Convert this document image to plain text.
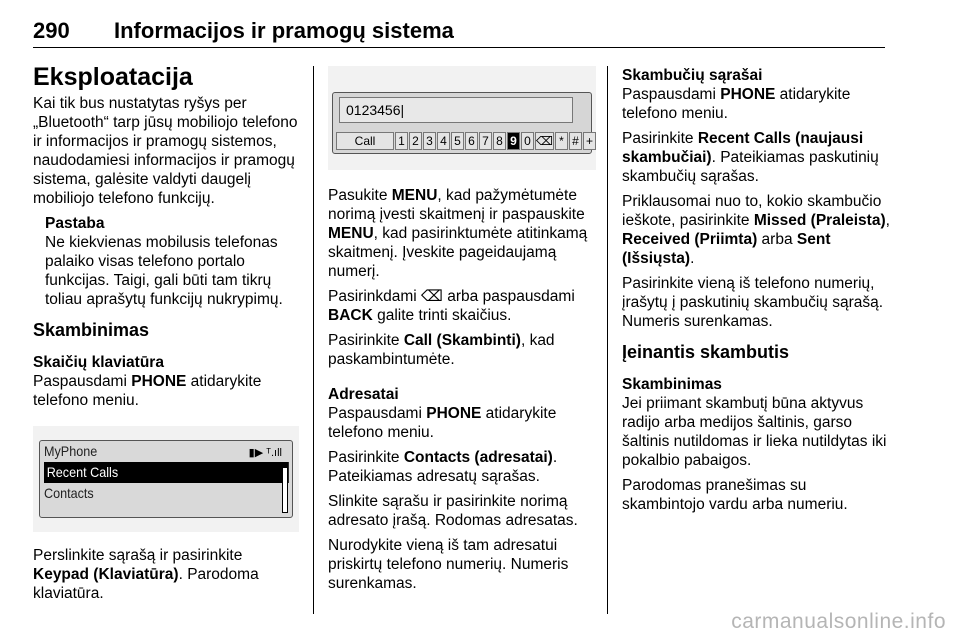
290 Informacijos ir pramogų sistema
Eksploatacija

Kai tik bus nustatytas ryšys per „Bluetooth“ tarp jūsų mobiliojo telefono ir informacijos ir pramogų sistemos, naudodamiesi informacijos ir pramogų sistema, galėsite valdyti daugelį mobiliojo telefono funkcijų.

Pastaba
Ne kiekvienas mobilusis telefonas palaiko visas telefono portalo funkcijas. Taigi, gali būti tam tikrų toliau aprašytų funkcijų nukrypimų.
Skambinimas
Skaičių klaviatūra

Paspausdami PHONE atidarykite telefono meniu.

MyPhone	▮▶ ᵀ.ıll
Recent Calls
Contacts

Perslinkite sąrašą ir pasirinkite Keypad (Klaviatūra). Parodoma klaviatūra.

0123456|
Call	1 2 3 4 5 6 7 8 9 0 ⌫ * # +

Pasukite MENU, kad pažymėtumėte norimą įvesti skaitmenį ir paspauskite MENU, kad pasirinktumėte atitinkamą skaitmenį. Įveskite pageidaujamą numerį.

Pasirinkdami ⌫ arba paspausdami BACK galite trinti skaičius.

Pasirinkite Call (Skambinti), kad paskambintumėte.

Adresatai

Paspausdami PHONE atidarykite telefono meniu.

Pasirinkite Contacts (adresatai). Pateikiamas adresatų sąrašas.

Slinkite sąrašu ir pasirinkite norimą adresato įrašą. Rodomas adresatas.

Nurodykite vieną iš tam adresatui priskirtų telefono numerių. Numeris surenkamas.

Skambučių sąrašai

Paspausdami PHONE atidarykite telefono meniu.

Pasirinkite Recent Calls (naujausi skambučiai). Pateikiamas paskutinių skambučių sąrašas.

Priklausomai nuo to, kokio skambučio ieškote, pasirinkite Missed (Praleista), Received (Priimta) arba Sent (Išsiųsta).

Pasirinkite vieną iš telefono numerių, įrašytų į paskutinių skambučių sąrašą. Numeris surenkamas.

Įeinantis skambutis
Skambinimas

Jei priimant skambutį būna aktyvus radijo arba medijos šaltinis, garso šaltinis nutildomas ir lieka nutildytas iki pokalbio pabaigos.

Parodomas pranešimas su skambintojo vardu arba numeriu.

carmanualsonline.info
